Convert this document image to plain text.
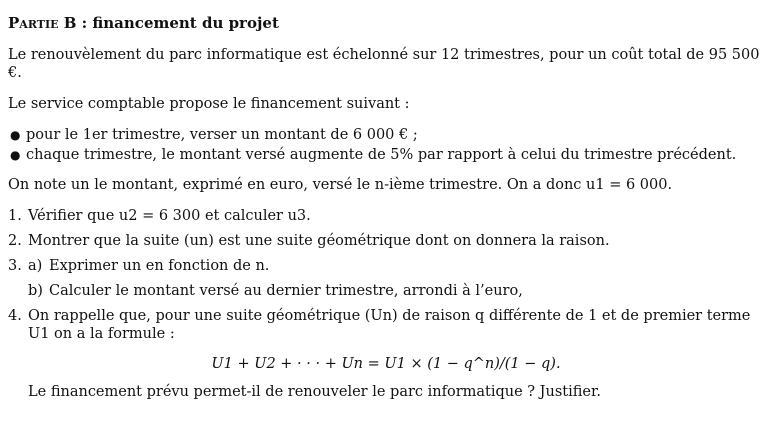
Partie B : financement du projet

Le renouvèlement du parc informatique est échelonné sur 12 trimestres, pour un coût total de 95 500 €.

Le service comptable propose le financement suivant :

● pour le 1er trimestre, verser un montant de 6 000 € ;
● chaque trimestre, le montant versé augmente de 5% par rapport à celui du trimestre précédent.

On note un le montant, exprimé en euro, versé le n-ième trimestre. On a donc u1 = 6 000.

1. Vérifier que u2 = 6 300 et calculer u3.
2. Montrer que la suite (un) est une suite géométrique dont on donnera la raison.
3. a) Exprimer un en fonction de n.
b) Calculer le montant versé au dernier trimestre, arrondi à l’euro,
4. On rappelle que, pour une suite géométrique (Un) de raison q différente de 1 et de premier terme U1 on a la formule :
U1 + U2 + · · · + Un = U1 × (1 − q^n)/(1 − q).
Le financement prévu permet-il de renouveler le parc informatique ? Justifier.
